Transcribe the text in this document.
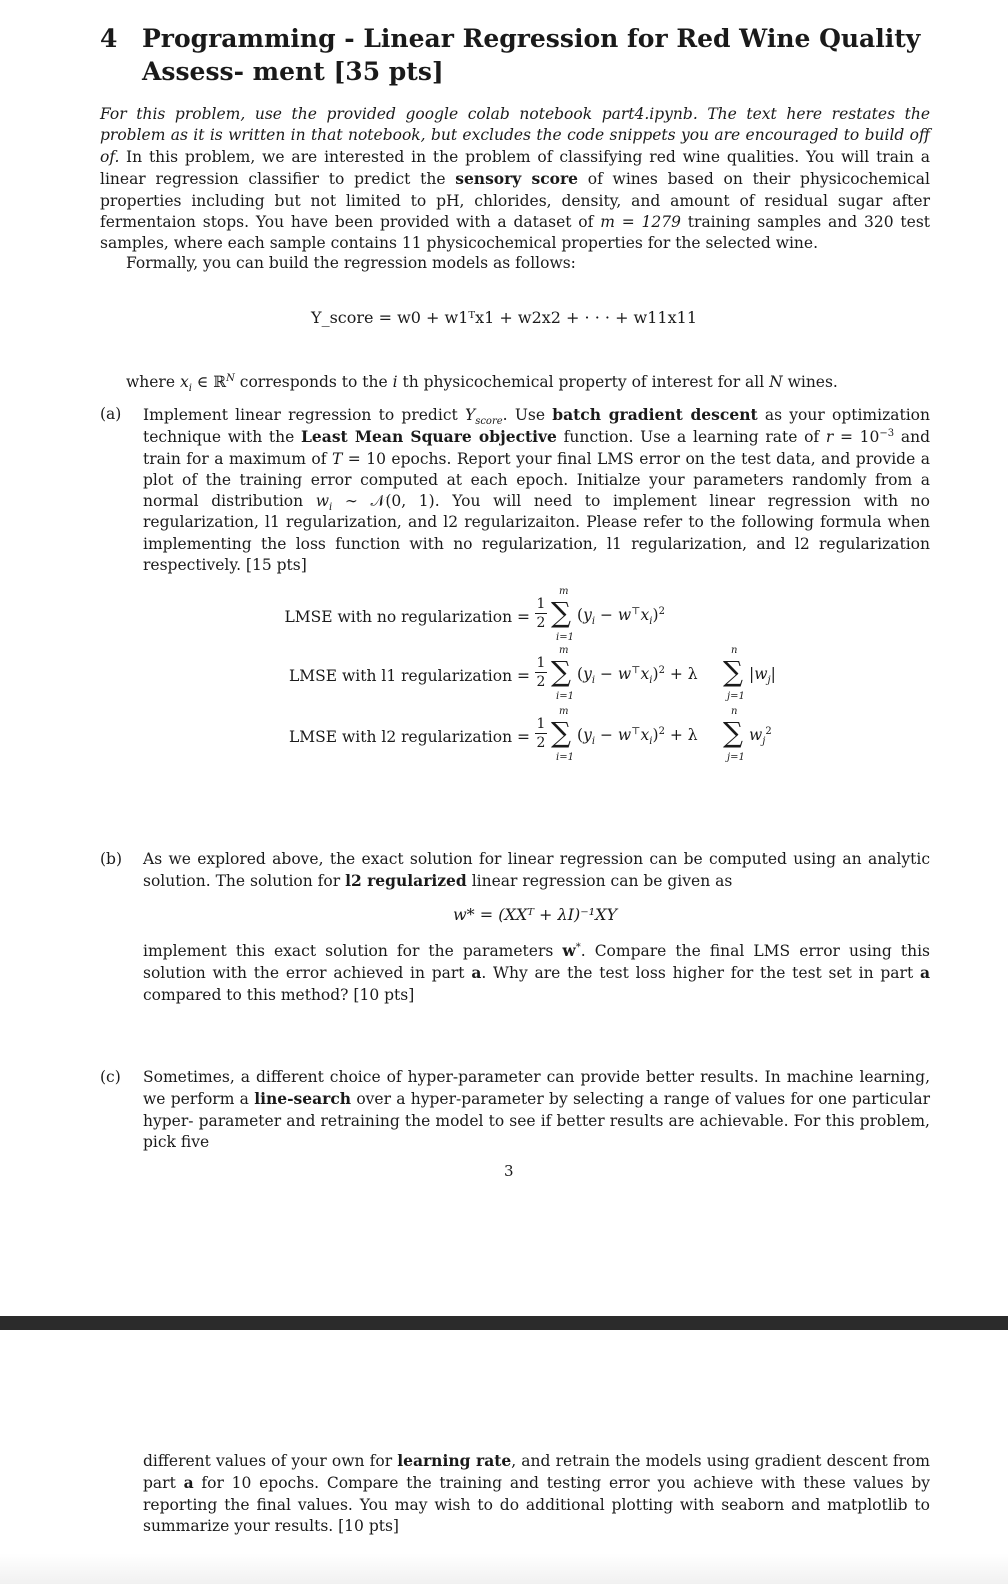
4 Programming - Linear Regression for Red Wine Quality Assess- ment [35 pts]
For this problem, use the provided google colab notebook part4.ipynb. The text here restates the problem as it is written in that notebook, but excludes the code snippets you are encouraged to build off of. In this problem, we are interested in the problem of classifying red wine qualities. You will train a linear regression classifier to predict the sensory score of wines based on their physicochemical properties including but not limited to pH, chlorides, density, and amount of residual sugar after fermentaion stops. You have been provided with a dataset of m = 1279 training samples and 320 test samples, where each sample contains 11 physicochemical properties for the selected wine.
Formally, you can build the regression models as follows:
Y_score = w0 + w1ᵀx1 + w2x2 + · · · + w11x11
where $x_i$ ∈ ℝ$^N$ corresponds to the i th physicochemical property of interest for all N wines.
(a)	Implement linear regression to predict $Y_{score}$. Use batch gradient descent as your optimization technique with the Least Mean Square objective function. Use a learning rate of $r = 10^{-3}$ and train for a maximum of T = 10 epochs. Report your final LMS error on the test data, and provide a plot of the training error computed at each epoch. Initialze your parameters randomly from a normal distribution $w_i$ ∼ 𝒩(0, 1). You will need to implement linear regression with no regularization, l1 regularization, and l2 regularizaiton. Please refer to the following formula when implementing the loss function with no regularization, l1 regularization, and l2 regularization respectively. [15 pts]
LMSE with no regularization =
1
2
m
∑
i=1
$(y_i - w^⊤x_i)^2$
LMSE with l1 regularization =
1
2
m
∑
i=1
$(y_i - w^⊤x_i)^2 + \lambda$
n
∑
j=1
$|w_j|$
LMSE with l2 regularization =
1
2
m
∑
i=1
$(y_i - w^⊤x_i)^2 + \lambda$
n
∑
j=1
$w_j^2$
(b)	As we explored above, the exact solution for linear regression can be computed using an analytic solution. The solution for l2 regularized linear regression can be given as
w* = (XXᵀ + λI)⁻¹XY
implement this exact solution for the parameters w*. Compare the final LMS error using this solution with the error achieved in part a. Why are the test loss higher for the test set in part a compared to this method? [10 pts]
(c)	Sometimes, a different choice of hyper-parameter can provide better results. In machine learning, we perform a line-search over a hyper-parameter by selecting a range of values for one particular hyper- parameter and retraining the model to see if better results are achievable. For this problem, pick five
3
different values of your own for learning rate, and retrain the models using gradient descent from part a for 10 epochs. Compare the training and testing error you achieve with these values by reporting the final values. You may wish to do additional plotting with seaborn and matplotlib to summarize your results. [10 pts]
